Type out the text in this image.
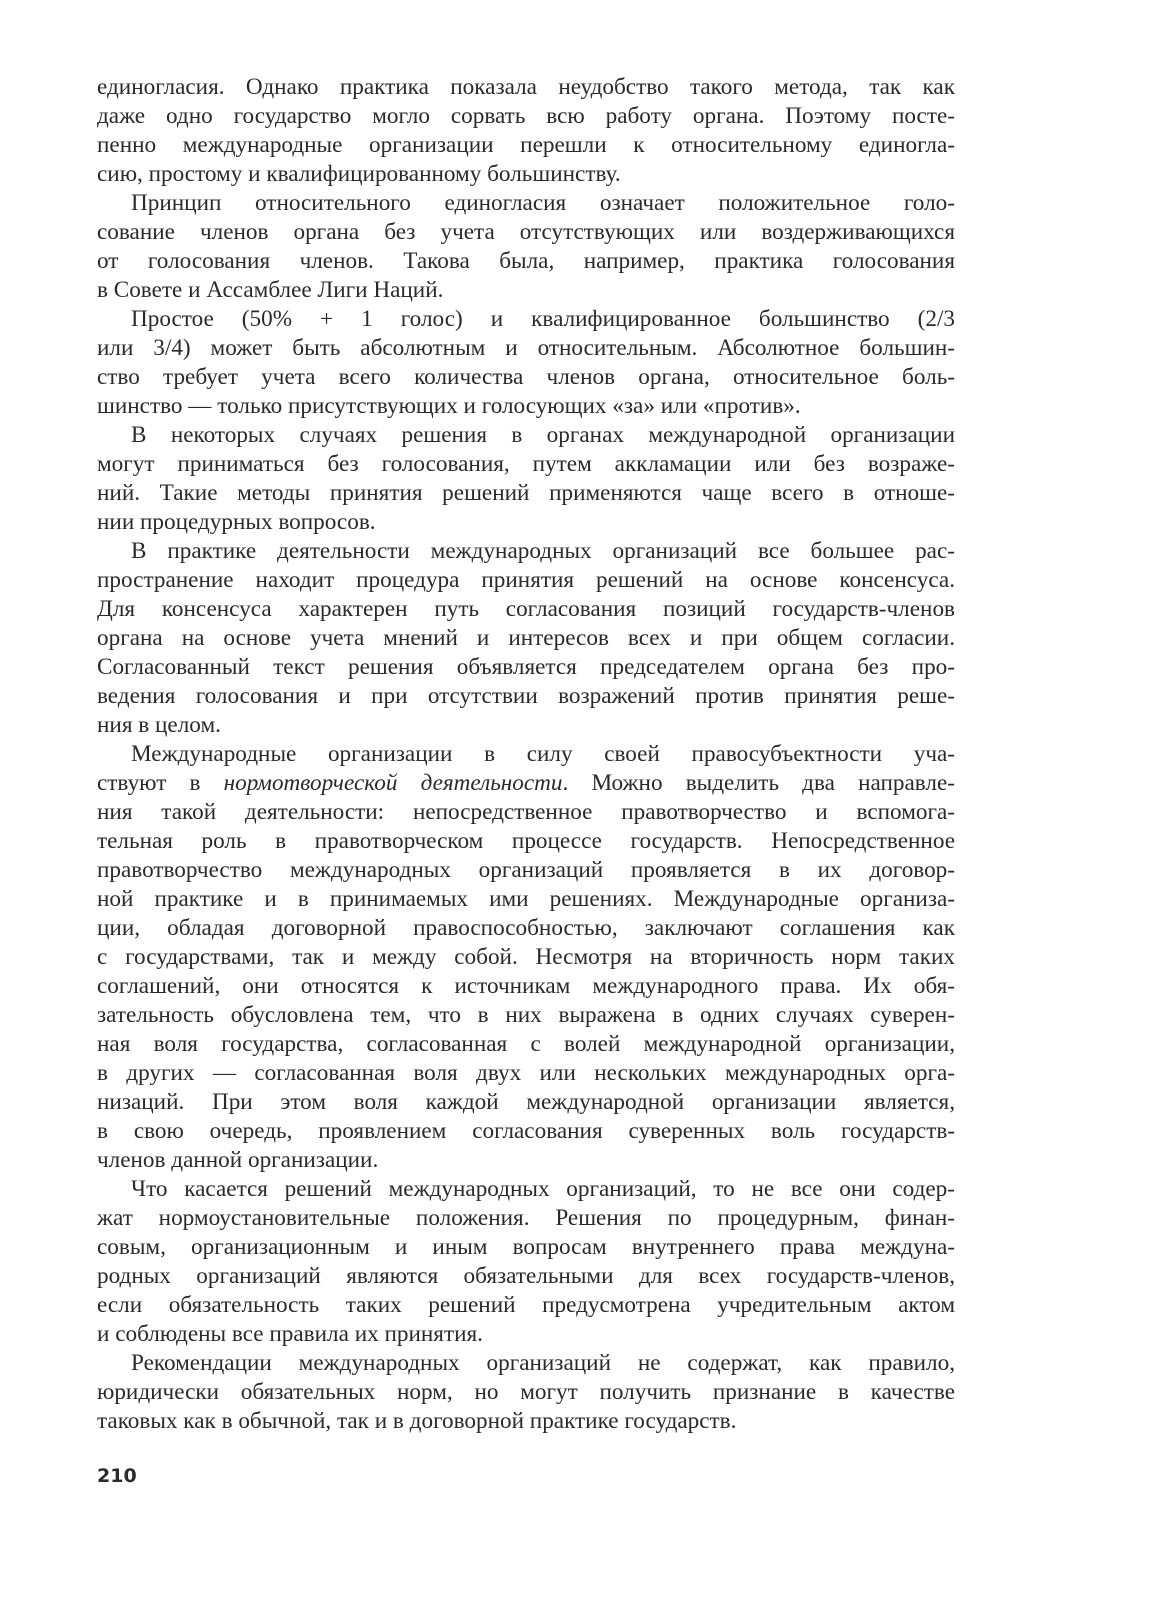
единогласия. Однако практика показала неудобство такого метода, так как
даже одно государство могло сорвать всю работу органа. Поэтому посте-
пенно международные организации перешли к относительному единогла-
сию, простому и квалифицированному большинству.
Принцип относительного единогласия означает положительное голо-
сование членов органа без учета отсутствующих или воздерживающихся
от голосования членов. Такова была, например, практика голосования
в Совете и Ассамблее Лиги Наций.
Простое (50% + 1 голос) и квалифицированное большинство (2/3
или 3/4) может быть абсолютным и относительным. Абсолютное большин-
ство требует учета всего количества членов органа, относительное боль-
шинство — только присутствующих и голосующих «за» или «против».
В некоторых случаях решения в органах международной организации
могут приниматься без голосования, путем аккламации или без возраже-
ний. Такие методы принятия решений применяются чаще всего в отноше-
нии процедурных вопросов.
В практике деятельности международных организаций все большее рас-
пространение находит процедура принятия решений на основе консенсуса.
Для консенсуса характерен путь согласования позиций государств-членов
органа на основе учета мнений и интересов всех и при общем согласии.
Согласованный текст решения объявляется председателем органа без про-
ведения голосования и при отсутствии возражений против принятия реше-
ния в целом.
Международные организации в силу своей правосубъектности уча-
ствуют в нормотворческой деятельности. Можно выделить два направле-
ния такой деятельности: непосредственное правотворчество и вспомога-
тельная роль в правотворческом процессе государств. Непосредственное
правотворчество международных организаций проявляется в их договор-
ной практике и в принимаемых ими решениях. Международные организа-
ции, обладая договорной правоспособностью, заключают соглашения как
с государствами, так и между собой. Несмотря на вторичность норм таких
соглашений, они относятся к источникам международного права. Их обя-
зательность обусловлена тем, что в них выражена в одних случаях суверен-
ная воля государства, согласованная с волей международной организации,
в других — согласованная воля двух или нескольких международных орга-
низаций. При этом воля каждой международной организации является,
в свою очередь, проявлением согласования суверенных воль государств-
членов данной организации.
Что касается решений международных организаций, то не все они содер-
жат нормоустановительные положения. Решения по процедурным, финан-
совым, организационным и иным вопросам внутреннего права междуна-
родных организаций являются обязательными для всех государств-членов,
если обязательность таких решений предусмотрена учредительным актом
и соблюдены все правила их принятия.
Рекомендации международных организаций не содержат, как правило,
юридически обязательных норм, но могут получить признание в качестве
таковых как в обычной, так и в договорной практике государств.
210
